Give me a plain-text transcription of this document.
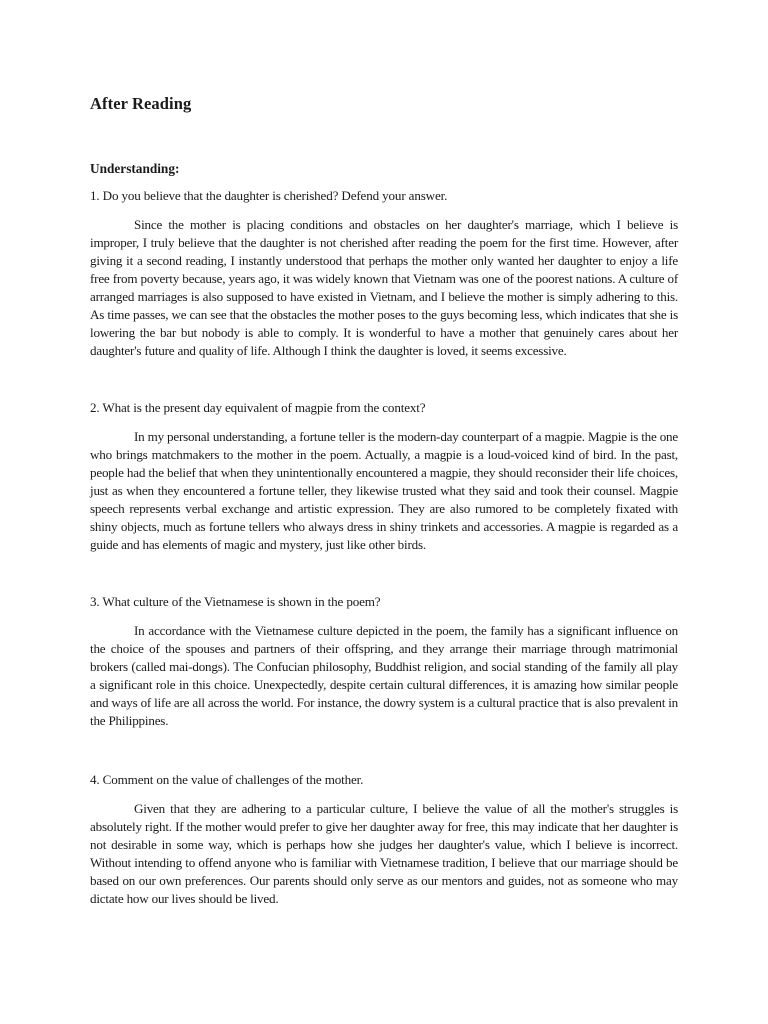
After Reading
Understanding:

1. Do you believe that the daughter is cherished? Defend your answer.

Since the mother is placing conditions and obstacles on her daughter's marriage, which I believe is improper, I truly believe that the daughter is not cherished after reading the poem for the first time. However, after giving it a second reading, I instantly understood that perhaps the mother only wanted her daughter to enjoy a life free from poverty because, years ago, it was widely known that Vietnam was one of the poorest nations. A culture of arranged marriages is also supposed to have existed in Vietnam, and I believe the mother is simply adhering to this. As time passes, we can see that the obstacles the mother poses to the guys becoming less, which indicates that she is lowering the bar but nobody is able to comply. It is wonderful to have a mother that genuinely cares about her daughter's future and quality of life. Although I think the daughter is loved, it seems excessive.

2. What is the present day equivalent of magpie from the context?

In my personal understanding, a fortune teller is the modern-day counterpart of a magpie. Magpie is the one who brings matchmakers to the mother in the poem. Actually, a magpie is a loud-voiced kind of bird. In the past, people had the belief that when they unintentionally encountered a magpie, they should reconsider their life choices, just as when they encountered a fortune teller, they likewise trusted what they said and took their counsel. Magpie speech represents verbal exchange and artistic expression. They are also rumored to be completely fixated with shiny objects, much as fortune tellers who always dress in shiny trinkets and accessories. A magpie is regarded as a guide and has elements of magic and mystery, just like other birds.

3. What culture of the Vietnamese is shown in the poem?

In accordance with the Vietnamese culture depicted in the poem, the family has a significant influence on the choice of the spouses and partners of their offspring, and they arrange their marriage through matrimonial brokers (called mai-dongs). The Confucian philosophy, Buddhist religion, and social standing of the family all play a significant role in this choice. Unexpectedly, despite certain cultural differences, it is amazing how similar people and ways of life are all across the world. For instance, the dowry system is a cultural practice that is also prevalent in the Philippines.

4. Comment on the value of challenges of the mother.

Given that they are adhering to a particular culture, I believe the value of all the mother's struggles is absolutely right. If the mother would prefer to give her daughter away for free, this may indicate that her daughter is not desirable in some way, which is perhaps how she judges her daughter's value, which I believe is incorrect. Without intending to offend anyone who is familiar with Vietnamese tradition, I believe that our marriage should be based on our own preferences. Our parents should only serve as our mentors and guides, not as someone who may dictate how our lives should be lived.
